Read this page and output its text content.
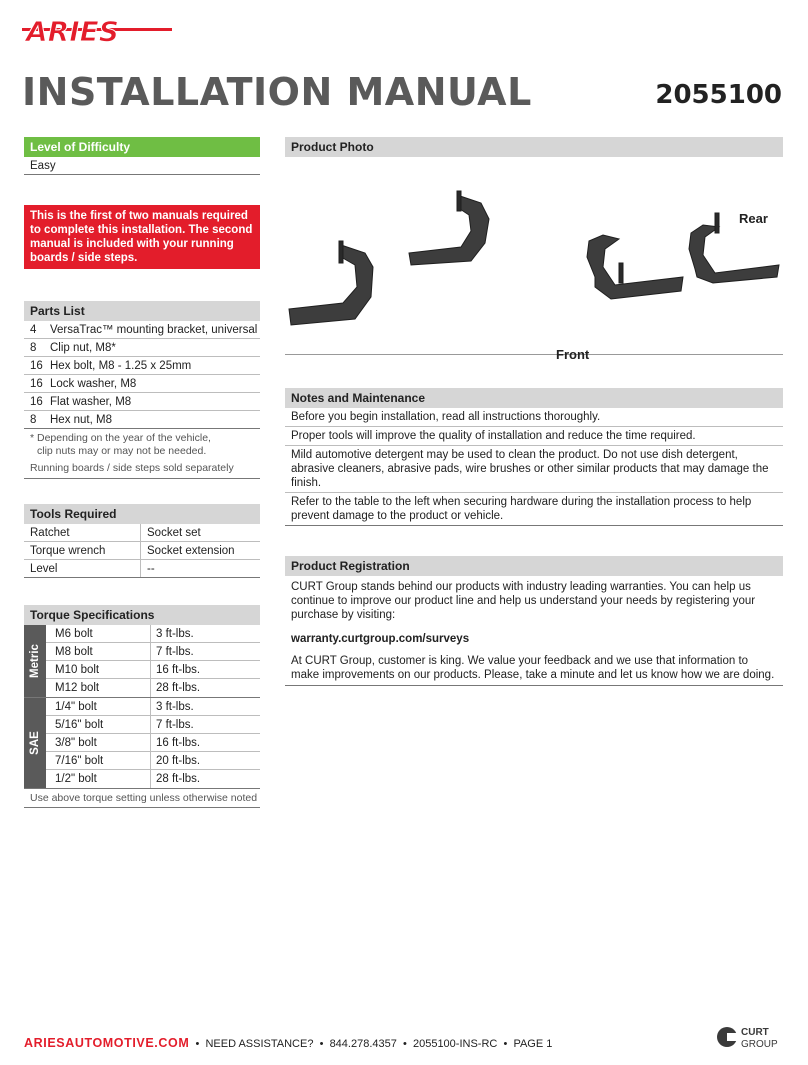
ARIES
INSTALLATION MANUAL	2055100
Level of Difficulty
Easy
This is the first of two manuals required to complete this installation. The second manual is included with your running boards / side steps.
Parts List
4	VersaTrac™ mounting bracket, universal
8	Clip nut, M8*
16 Hex bolt, M8 - 1.25 x 25mm
16 Lock washer, M8
16 Flat washer, M8
8	Hex nut, M8
* Depending on the year of the vehicle,
clip nuts may or may not be needed.
Running boards / side steps sold separately
Tools Required
Ratchet	Socket set
Torque wrench	Socket extension
Level	--
Torque Specifications
Metric
M6 bolt	3 ft-lbs.
M8 bolt	7 ft-lbs.
M10 bolt	16 ft-lbs.
M12 bolt	28 ft-lbs.
SAE
1/4" bolt	3 ft-lbs.
5/16" bolt	7 ft-lbs.
3/8" bolt	16 ft-lbs.
7/16" bolt	20 ft-lbs.
1/2" bolt	28 ft-lbs.
Use above torque setting unless otherwise noted
Product Photo
Rear
Front
Notes and Maintenance
Before you begin installation, read all instructions thoroughly.
Proper tools will improve the quality of installation and reduce the time required.
Mild automotive detergent may be used to clean the product. Do not use dish detergent, abrasive cleaners, abrasive pads, wire brushes or other similar products that may damage the finish.
Refer to the table to the left when securing hardware during the installation process to help prevent damage to the product or vehicle.
Product Registration
CURT Group stands behind our products with industry leading warranties. You can help us continue to improve our product line and help us understand your needs by registering your purchase by visiting:
warranty.curtgroup.com/surveys
At CURT Group, customer is king. We value your feedback and we use that information to make improvements on our products. Please, take a minute and let us know how we are doing.
ARIESAUTOMOTIVE.COM • NEED ASSISTANCE? • 844.278.4357 • 2055100-INS-RC • PAGE 1
CURT
GROUP
